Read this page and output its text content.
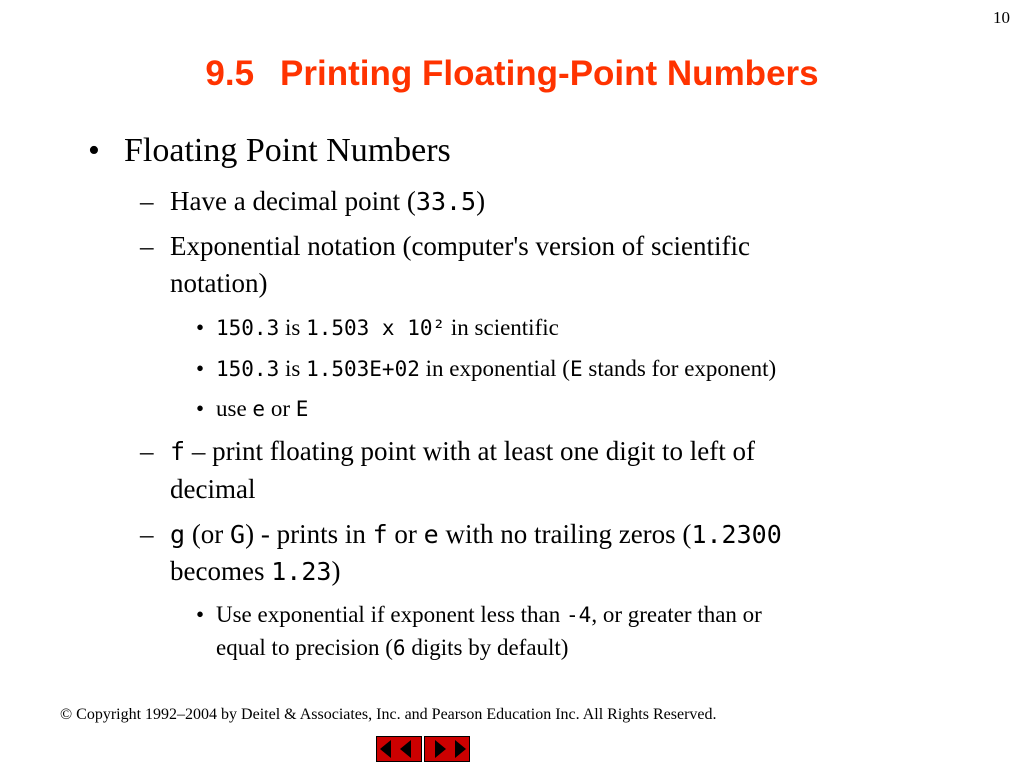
10
9.5 Printing Floating-Point Numbers
• Floating Point Numbers
– Have a decimal point (33.5)
– Exponential notation (computer's version of scientific
notation)
• 150.3 is 1.503 x 10² in scientific
• 150.3 is 1.503E+02 in exponential (E stands for exponent)
• use e or E
– f – print floating point with at least one digit to left of
decimal
– g (or G) - prints in f or e with no trailing zeros (1.2300
becomes 1.23)
• Use exponential if exponent less than -4, or greater than or
equal to precision (6 digits by default)
© Copyright 1992–2004 by Deitel & Associates, Inc. and Pearson Education Inc. All Rights Reserved.
